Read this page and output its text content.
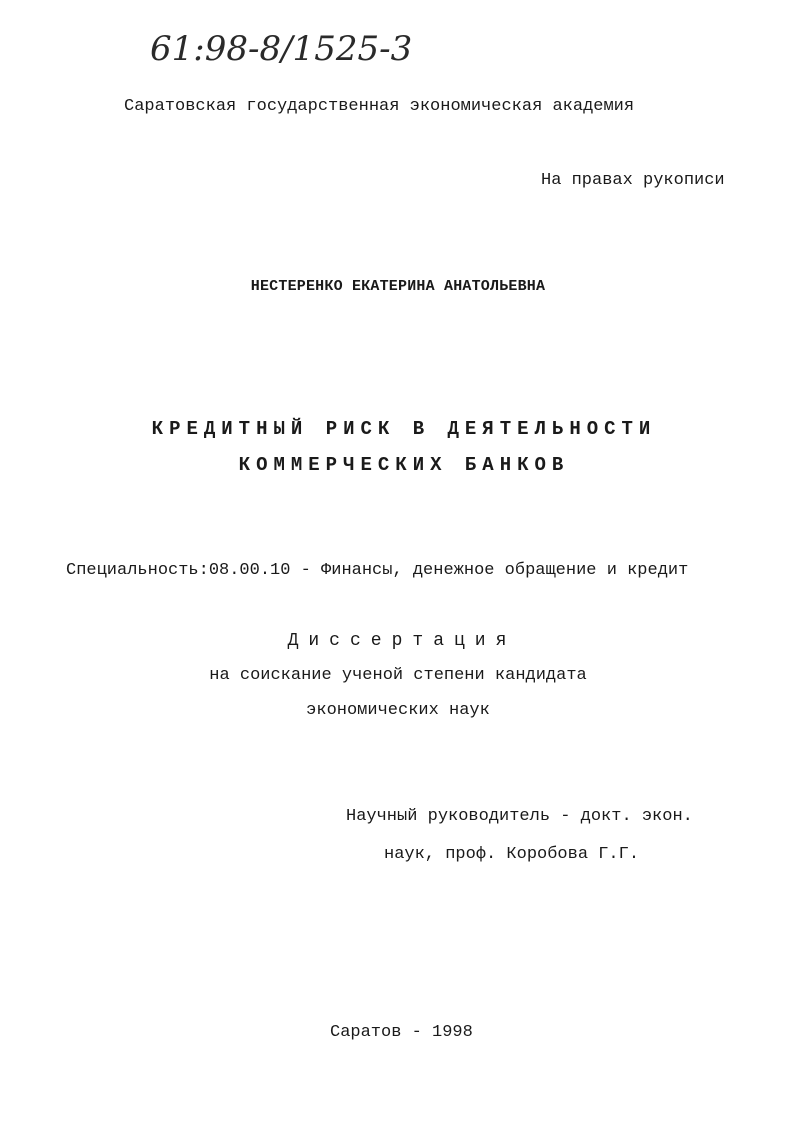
61:98-8/1525-3
Саратовская государственная экономическая академия
На правах рукописи
НЕСТЕРЕНКО ЕКАТЕРИНА АНАТОЛЬЕВНА
КРЕДИТНЫЙ РИСК В ДЕЯТЕЛЬНОСТИ
КОММЕРЧЕСКИХ БАНКОВ
Специальность:08.00.10 - Финансы, денежное обращение и кредит
Диссертация
на соискание ученой степени кандидата
экономических наук
Научный руководитель - докт. экон.
наук, проф. Коробова Г.Г.
Саратов - 1998
